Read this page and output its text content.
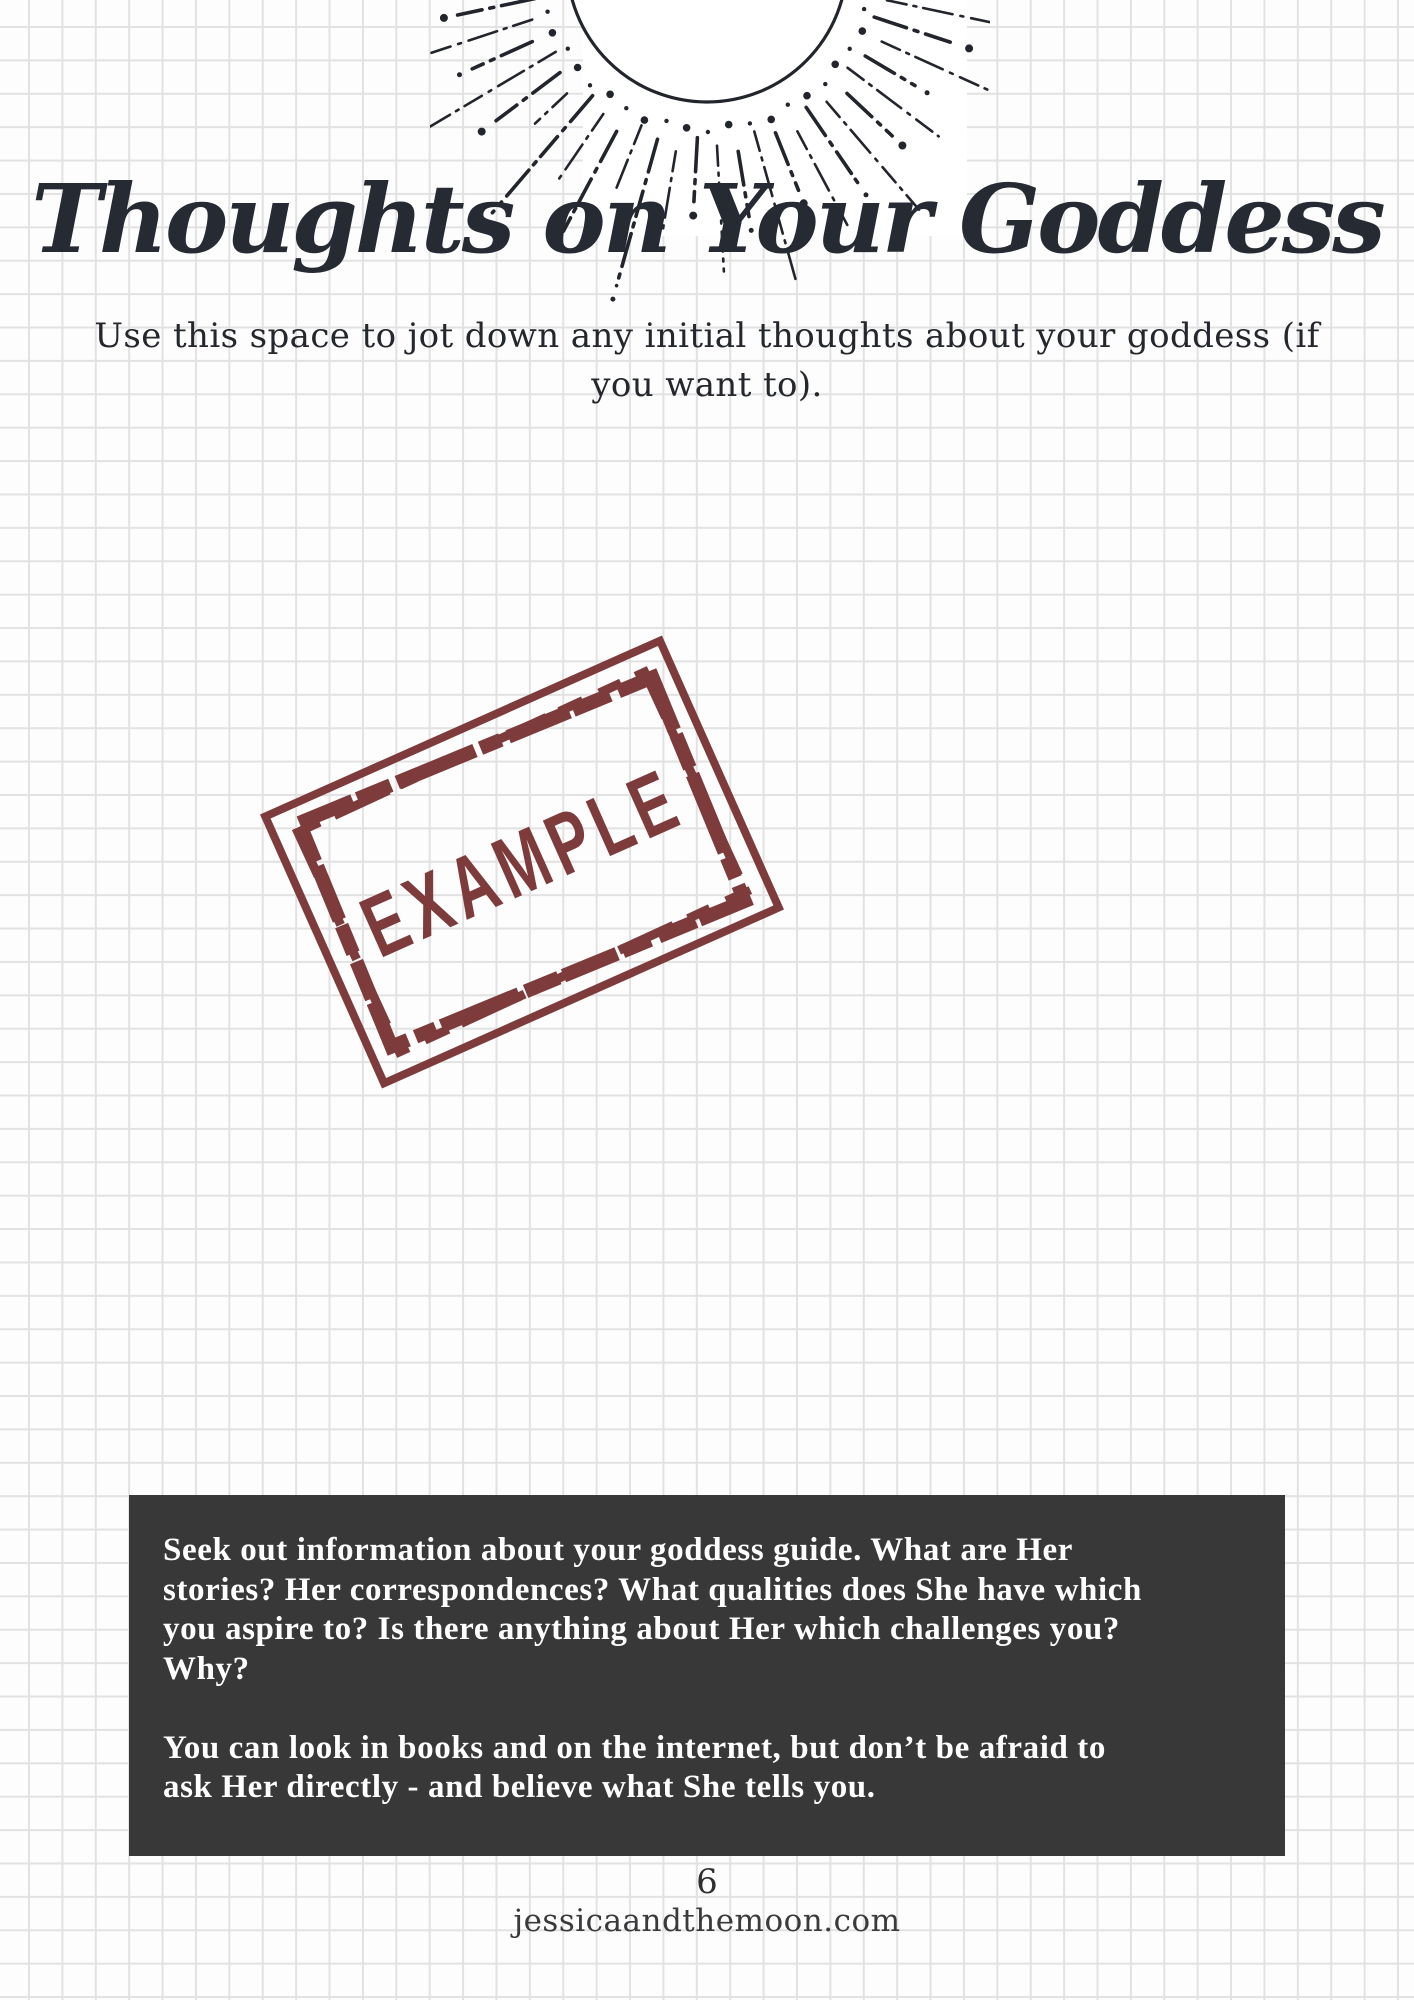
Thoughts on Your Goddess
Use this space to jot down any initial thoughts about your goddess (if
you want to).
EXAMPLE
Seek out information about your goddess guide. What are Her
stories? Her correspondences? What qualities does She have which
you aspire to? Is there anything about Her which challenges you?
Why?

You can look in books and on the internet, but don’t be afraid to
ask Her directly - and believe what She tells you.
6
jessicaandthemoon.com
